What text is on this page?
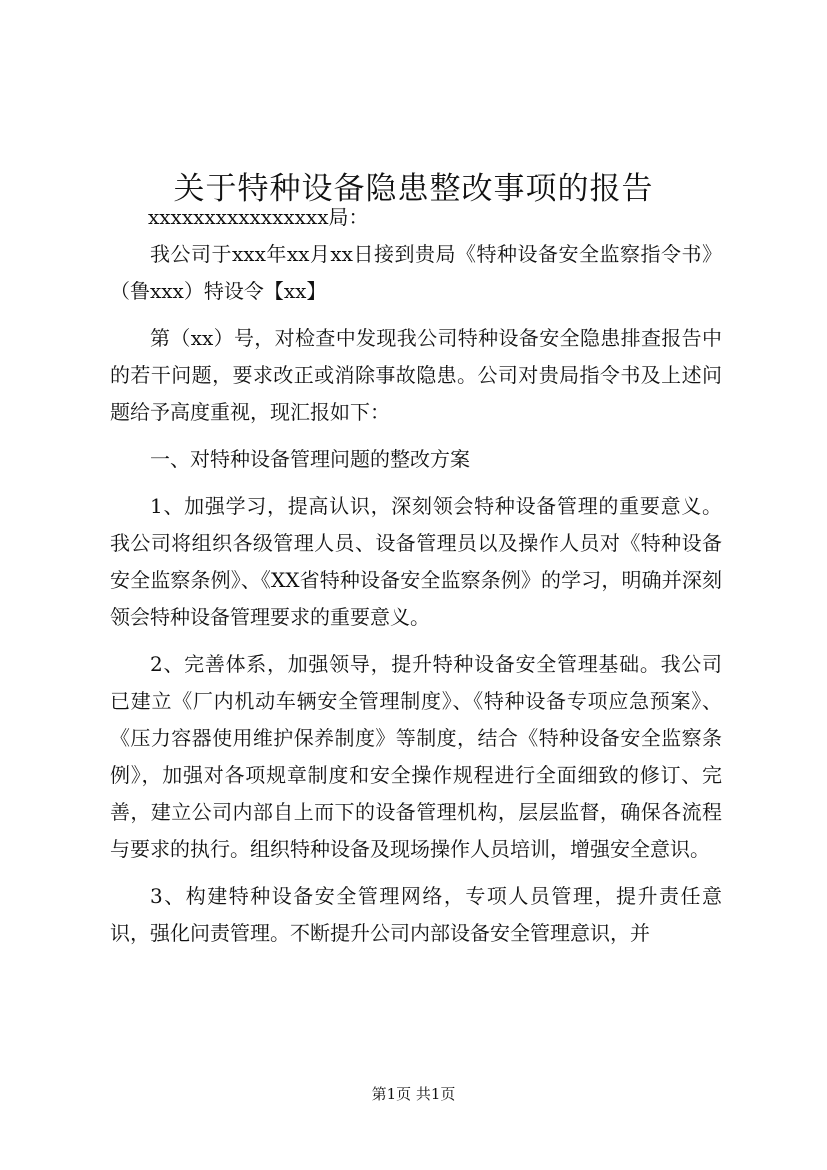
关于特种设备隐患整改事项的报告

xxxxxxxxxxxxxxxx局：

我公司于xxx年xx月xx日接到贵局《特种设备安全监察指令书》（鲁xxx）特设令【xx】

第（xx）号，对检查中发现我公司特种设备安全隐患排查报告中的若干问题，要求改正或消除事故隐患。公司对贵局指令书及上述问题给予高度重视，现汇报如下：

一、对特种设备管理问题的整改方案

1、加强学习，提高认识，深刻领会特种设备管理的重要意义。我公司将组织各级管理人员、设备管理员以及操作人员对《特种设备安全监察条例》、《XX省特种设备安全监察条例》的学习，明确并深刻领会特种设备管理要求的重要意义。

2、完善体系，加强领导，提升特种设备安全管理基础。我公司已建立《厂内机动车辆安全管理制度》、《特种设备专项应急预案》、《压力容器使用维护保养制度》等制度，结合《特种设备安全监察条例》，加强对各项规章制度和安全操作规程进行全面细致的修订、完善，建立公司内部自上而下的设备管理机构，层层监督，确保各流程与要求的执行。组织特种设备及现场操作人员培训，增强安全意识。

3、构建特种设备安全管理网络，专项人员管理，提升责任意识，强化问责管理。不断提升公司内部设备安全管理意识，并

第1页 共1页
